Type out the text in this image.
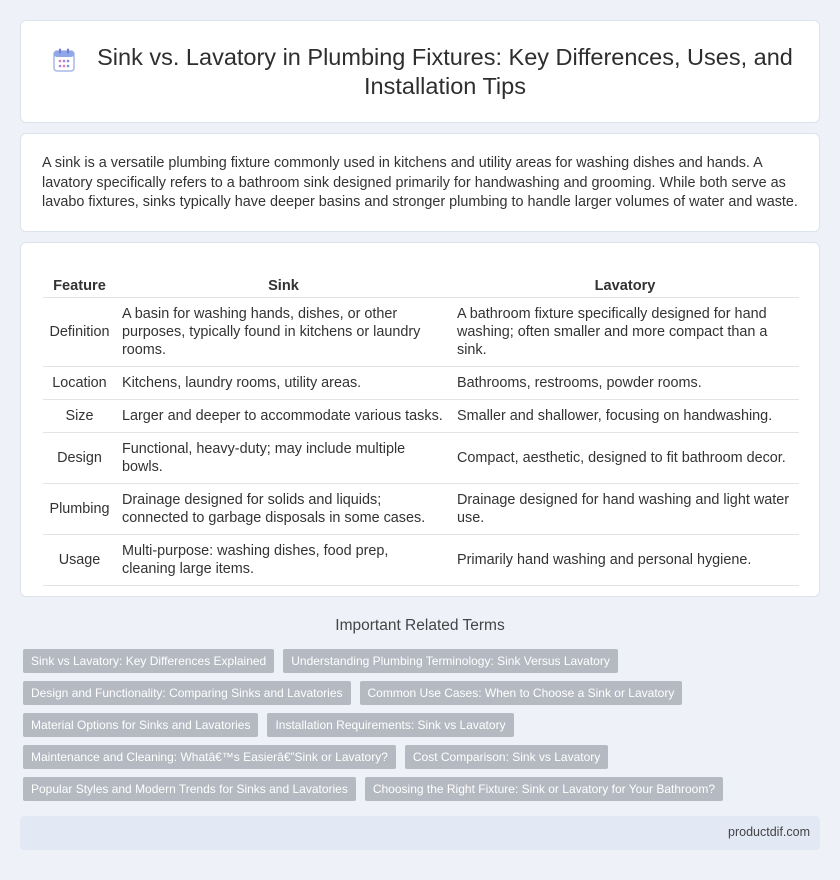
Sink vs. Lavatory in Plumbing Fixtures: Key Differences, Uses, and Installation Tips

A sink is a versatile plumbing fixture commonly used in kitchens and utility areas for washing dishes and hands. A lavatory specifically refers to a bathroom sink designed primarily for handwashing and grooming. While both serve as lavabo fixtures, sinks typically have deeper basins and stronger plumbing to handle larger volumes of water and waste.

Feature	Sink	Lavatory
Definition	A basin for washing hands, dishes, or other purposes, typically found in kitchens or laundry rooms.	A bathroom fixture specifically designed for hand washing; often smaller and more compact than a sink.
Location	Kitchens, laundry rooms, utility areas.	Bathrooms, restrooms, powder rooms.
Size	Larger and deeper to accommodate various tasks.	Smaller and shallower, focusing on handwashing.
Design	Functional, heavy-duty; may include multiple bowls.	Compact, aesthetic, designed to fit bathroom decor.
Plumbing	Drainage designed for solids and liquids; connected to garbage disposals in some cases.	Drainage designed for hand washing and light water use.
Usage	Multi-purpose: washing dishes, food prep, cleaning large items.	Primarily hand washing and personal hygiene.
Important Related Terms
Sink vs Lavatory: Key Differences Explained	Understanding Plumbing Terminology: Sink Versus Lavatory
Design and Functionality: Comparing Sinks and Lavatories	Common Use Cases: When to Choose a Sink or Lavatory
Material Options for Sinks and Lavatories	Installation Requirements: Sink vs Lavatory
Maintenance and Cleaning: Whatâ€™s Easierâ€”Sink or Lavatory?	Cost Comparison: Sink vs Lavatory
Popular Styles and Modern Trends for Sinks and Lavatories	Choosing the Right Fixture: Sink or Lavatory for Your Bathroom?
productdif.com
